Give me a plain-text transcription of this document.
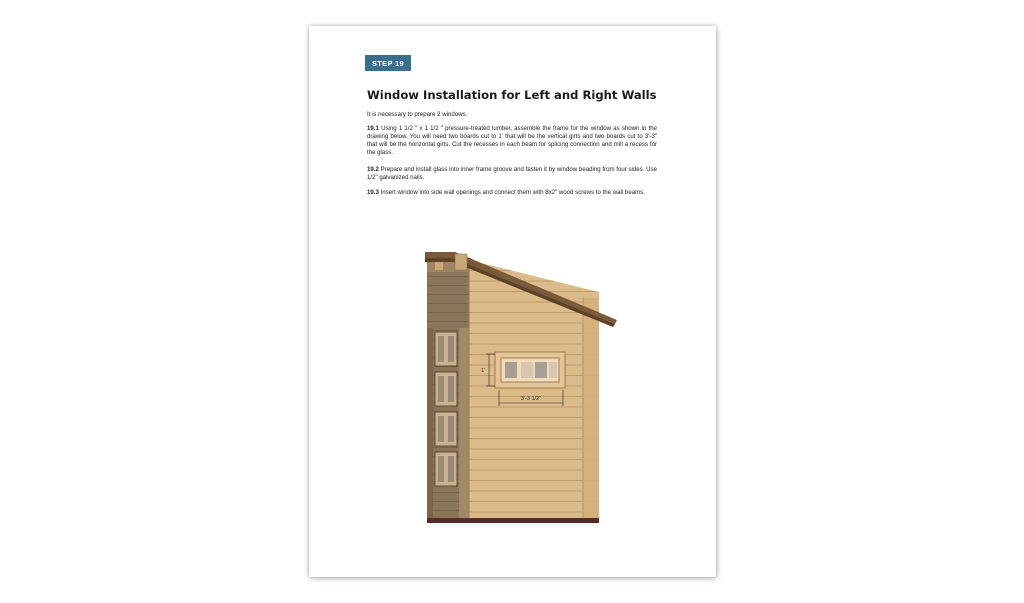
STEP 19
Window Installation for Left and Right Walls

It is necessary to prepare 2 windows.

19.1 Using 1 1/2 " x 1 1/2 " pressure-treated lumber, assemble the frame for the window as shown in the drawing below. You will need two boards cut to 1' that will be the vertical girts and two boards cut to 3'-3" that will be the horizontal girts. Cut the recesses in each beam for splicing connection and mill a recess for the glass.

19.2 Prepare and install glass into inner frame groove and fasten it by window beading from four sides. Use 1/2" galvanized nails.

19.3 Insert window into side wall openings and connect them with 8x2" wood screws to the wall beams.

1'
3'-3 1/2"
